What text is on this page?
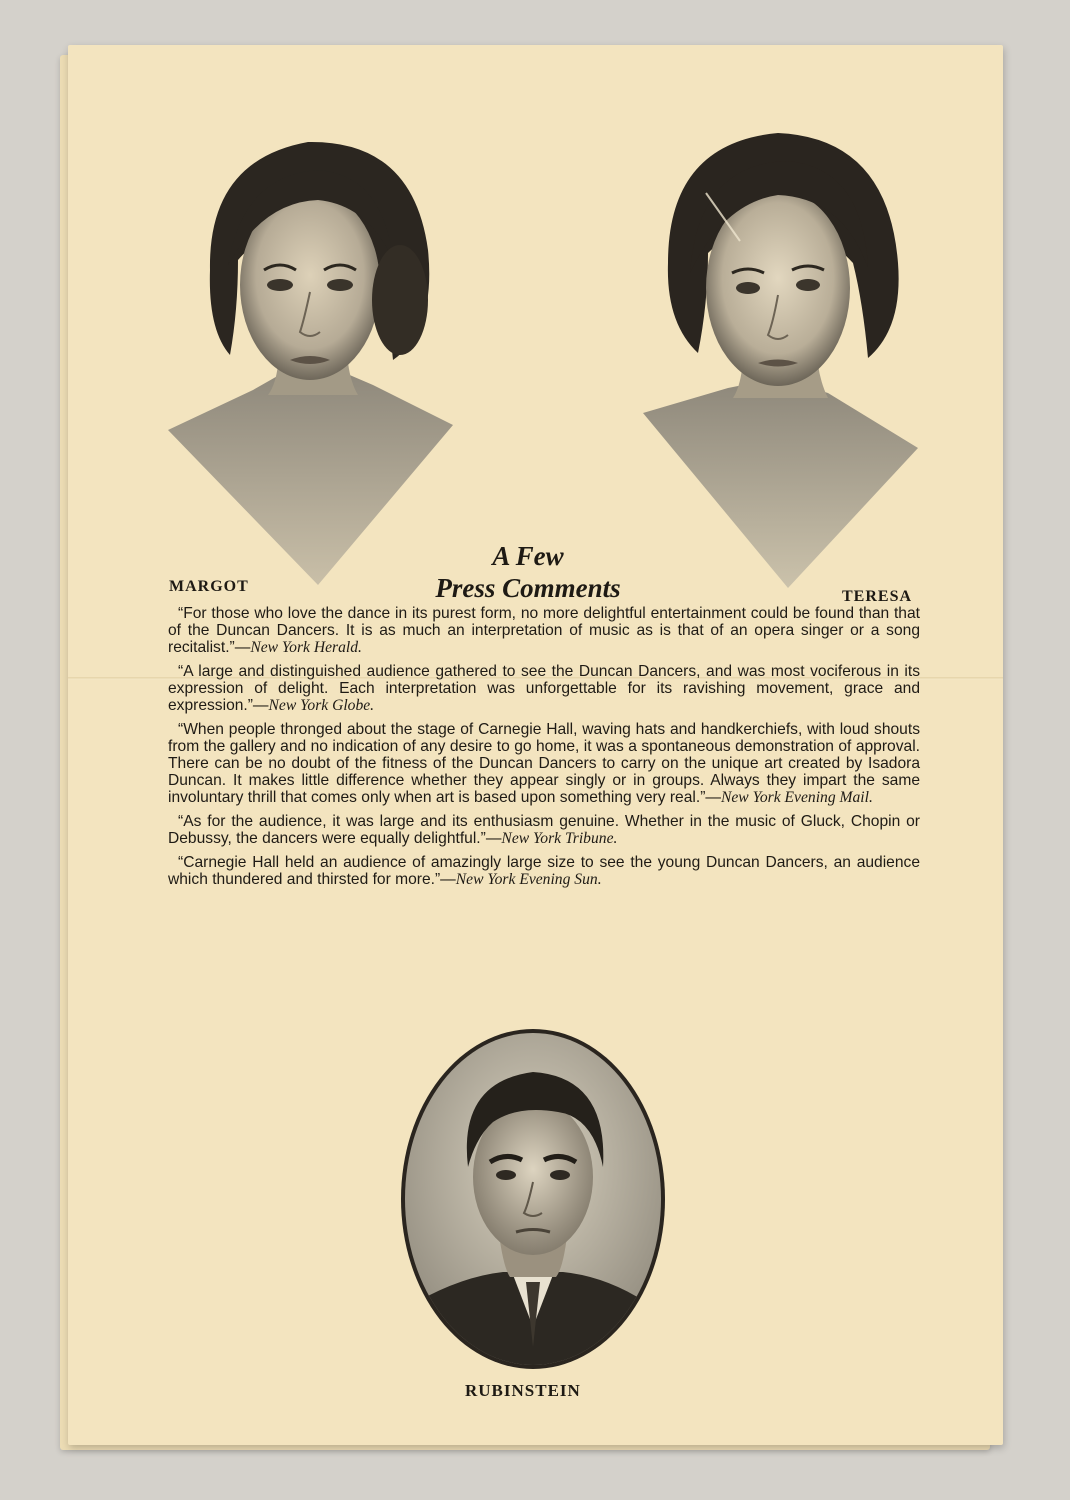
MARGOT
TERESA
A Few
Press Comments

“For those who love the dance in its purest form, no more delightful entertainment could be found than that of the Duncan Dancers. It is as much an interpretation of music as is that of an opera singer or a song recitalist.”—New York Herald.

“A large and distinguished audience gathered to see the Duncan Dancers, and was most vociferous in its expression of delight. Each interpretation was unforgettable for its ravishing movement, grace and expression.”—New York Globe.

“When people thronged about the stage of Carnegie Hall, waving hats and handkerchiefs, with loud shouts from the gallery and no indication of any desire to go home, it was a spontaneous demonstration of approval. There can be no doubt of the fitness of the Duncan Dancers to carry on the unique art created by Isadora Duncan. It makes little difference whether they appear singly or in groups. Always they impart the same involuntary thrill that comes only when art is based upon something very real.”—New York Evening Mail.

“As for the audience, it was large and its enthusiasm genuine. Whether in the music of Gluck, Chopin or Debussy, the dancers were equally delightful.”—New York Tribune.

“Carnegie Hall held an audience of amazingly large size to see the young Duncan Dancers, an audience which thundered and thirsted for more.”—New York Evening Sun.

RUBINSTEIN
